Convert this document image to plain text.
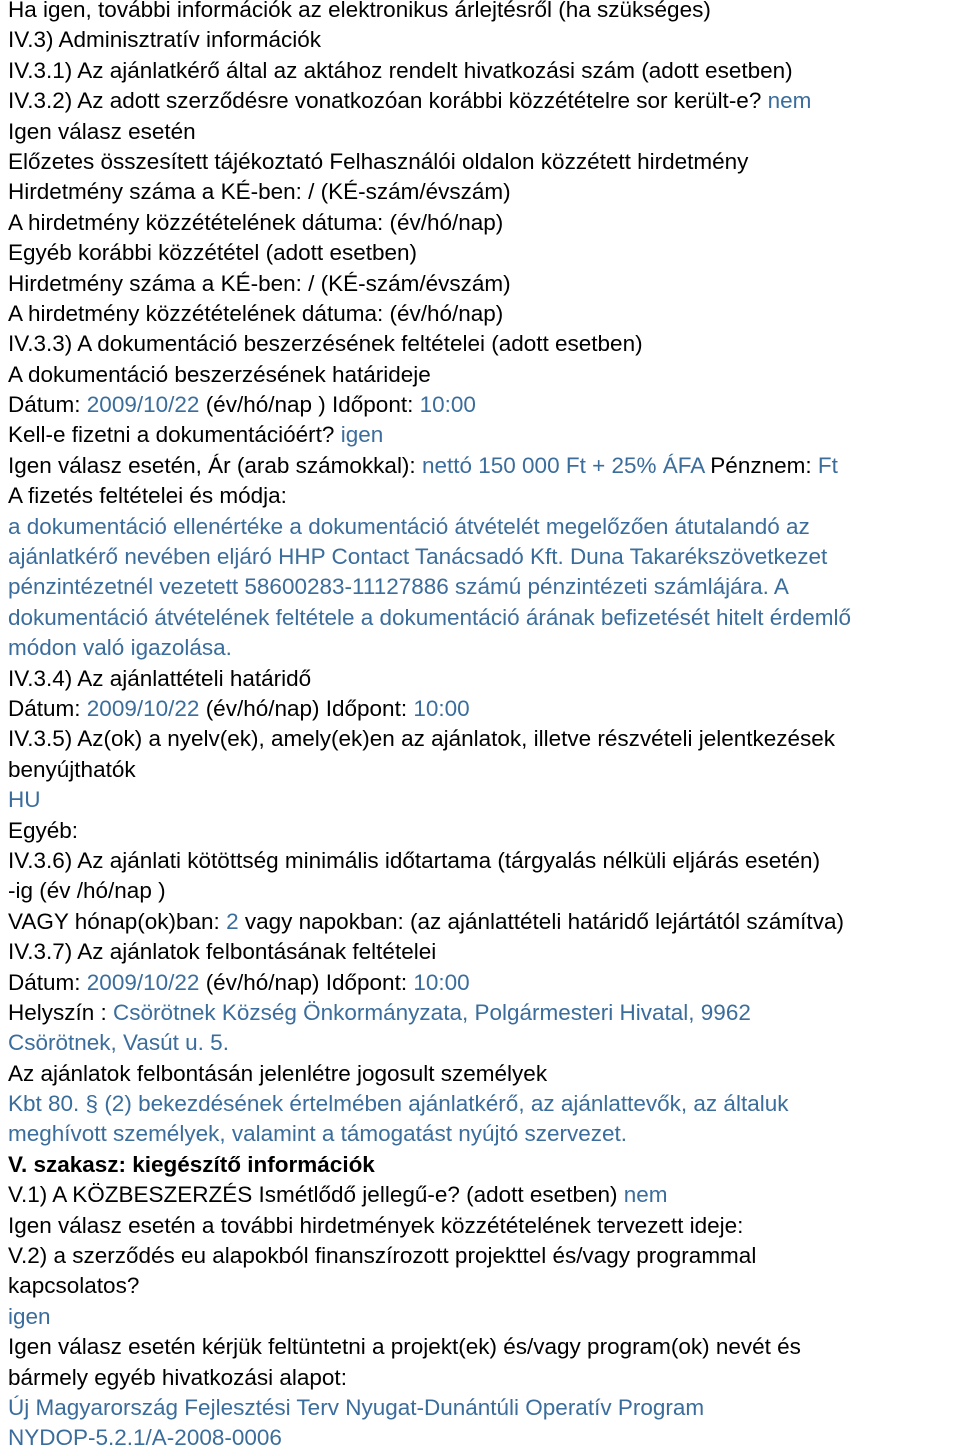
Ha igen, további információk az elektronikus árlejtésről (ha szükséges)
IV.3) Adminisztratív információk
IV.3.1) Az ajánlatkérő által az aktához rendelt hivatkozási szám (adott esetben)
IV.3.2) Az adott szerződésre vonatkozóan korábbi közzétételre sor került-e? nem
Igen válasz esetén
Előzetes összesített tájékoztató Felhasználói oldalon közzétett hirdetmény
Hirdetmény száma a KÉ-ben: / (KÉ-szám/évszám)
A hirdetmény közzétételének dátuma: (év/hó/nap)
Egyéb korábbi közzététel (adott esetben)
Hirdetmény száma a KÉ-ben: / (KÉ-szám/évszám)
A hirdetmény közzétételének dátuma: (év/hó/nap)
IV.3.3) A dokumentáció beszerzésének feltételei (adott esetben)
A dokumentáció beszerzésének határideje
Dátum: 2009/10/22 (év/hó/nap ) Időpont: 10:00
Kell-e fizetni a dokumentációért? igen
Igen válasz esetén, Ár (arab számokkal): nettó 150 000 Ft + 25% ÁFA Pénznem: Ft
A fizetés feltételei és módja:
a dokumentáció ellenértéke a dokumentáció átvételét megelőzően átutalandó az
ajánlatkérő nevében eljáró HHP Contact Tanácsadó Kft. Duna Takarékszövetkezet
pénzintézetnél vezetett 58600283-11127886 számú pénzintézeti számlájára. A
dokumentáció átvételének feltétele a dokumentáció árának befizetését hitelt érdemlő
módon való igazolása.
IV.3.4) Az ajánlattételi határidő
Dátum: 2009/10/22 (év/hó/nap) Időpont: 10:00
IV.3.5) Az(ok) a nyelv(ek), amely(ek)en az ajánlatok, illetve részvételi jelentkezések
benyújthatók
HU
Egyéb:
IV.3.6) Az ajánlati kötöttség minimális időtartama (tárgyalás nélküli eljárás esetén)
-ig (év /hó/nap )
VAGY hónap(ok)ban: 2 vagy napokban: (az ajánlattételi határidő lejártától számítva)
IV.3.7) Az ajánlatok felbontásának feltételei
Dátum: 2009/10/22 (év/hó/nap) Időpont: 10:00
Helyszín : Csörötnek Község Önkormányzata, Polgármesteri Hivatal, 9962
Csörötnek, Vasút u. 5.
Az ajánlatok felbontásán jelenlétre jogosult személyek
Kbt 80. § (2) bekezdésének értelmében ajánlatkérő, az ajánlattevők, az általuk
meghívott személyek, valamint a támogatást nyújtó szervezet.
V. szakasz: kiegészítő információk
V.1) A KÖZBESZERZÉS Ismétlődő jellegű-e? (adott esetben) nem
Igen válasz esetén a további hirdetmények közzétételének tervezett ideje:
V.2) a szerződés eu alapokból finanszírozott projekttel és/vagy programmal
kapcsolatos?
igen
Igen válasz esetén kérjük feltüntetni a projekt(ek) és/vagy program(ok) nevét és
bármely egyéb hivatkozási alapot:
Új Magyarország Fejlesztési Terv Nyugat-Dunántúli Operatív Program
NYDOP-5.2.1/A-2008-0006
